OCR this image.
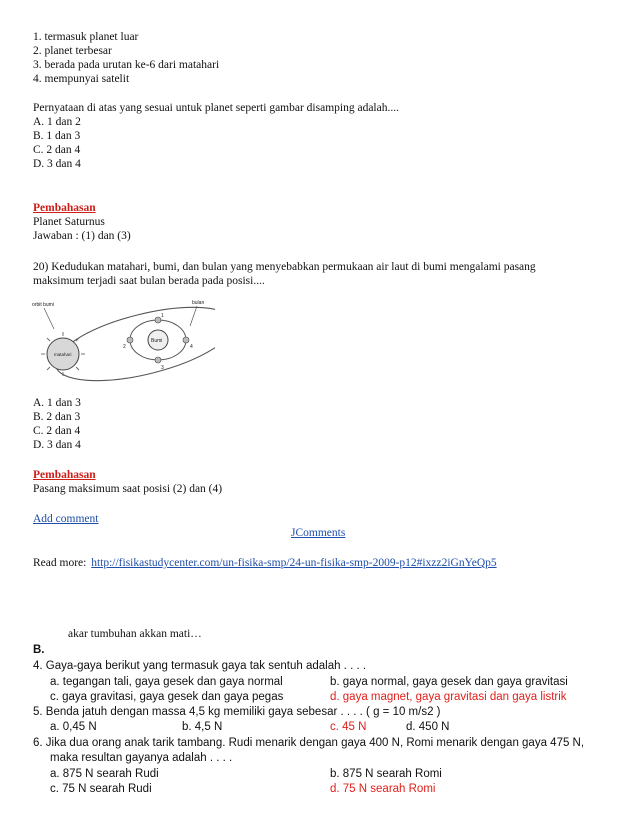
1. termasuk planet luar
2. planet terbesar
3. berada pada urutan ke-6 dari matahari
4. mempunyai satelit
Pernyataan di atas yang sesuai untuk planet seperti gambar disamping adalah....
A. 1 dan 2
B. 1 dan 3
C. 2 dan 4
D. 3 dan 4
Pembahasan
Planet Saturnus
Jawaban : (1) dan (3)
20) Kedudukan matahari, bumi, dan bulan yang menyebabkan permukaan air laut di bumi mengalami pasang
maksimum terjadi saat bulan berada pada posisi....
matahari
orbit bumi
Bumi
1
2
3
4
bulan
A. 1 dan 3
B. 2 dan 3
C. 2 dan 4
D. 3 dan 4
Pembahasan
Pasang maksimum saat posisi (2) dan (4)
Add comment
JComments
Read more: http://fisikastudycenter.com/un-fisika-smp/24-un-fisika-smp-2009-p12#ixzz2iGnYeQp5
akar tumbuhan akkan mati…
B.
4. Gaya-gaya berikut yang termasuk gaya tak sentuh adalah . . . .
a. tegangan tali, gaya gesek dan gaya normal	b. gaya normal, gaya gesek dan gaya gravitasi
c. gaya gravitasi, gaya gesek dan gaya pegas	d. gaya magnet, gaya gravitasi dan gaya listrik
5. Benda jatuh dengan massa 4,5 kg memiliki gaya sebesar . . . . ( g = 10 m/s2 )
a. 0,45 N	b. 4,5 N	c. 45 N	d. 450 N
6. Jika dua orang anak tarik tambang. Rudi menarik dengan gaya 400 N, Romi menarik dengan gaya 475 N,
maka resultan gayanya adalah . . . .
a. 875 N searah Rudi	b. 875 N searah Romi
c. 75 N searah Rudi	d. 75 N searah Romi
